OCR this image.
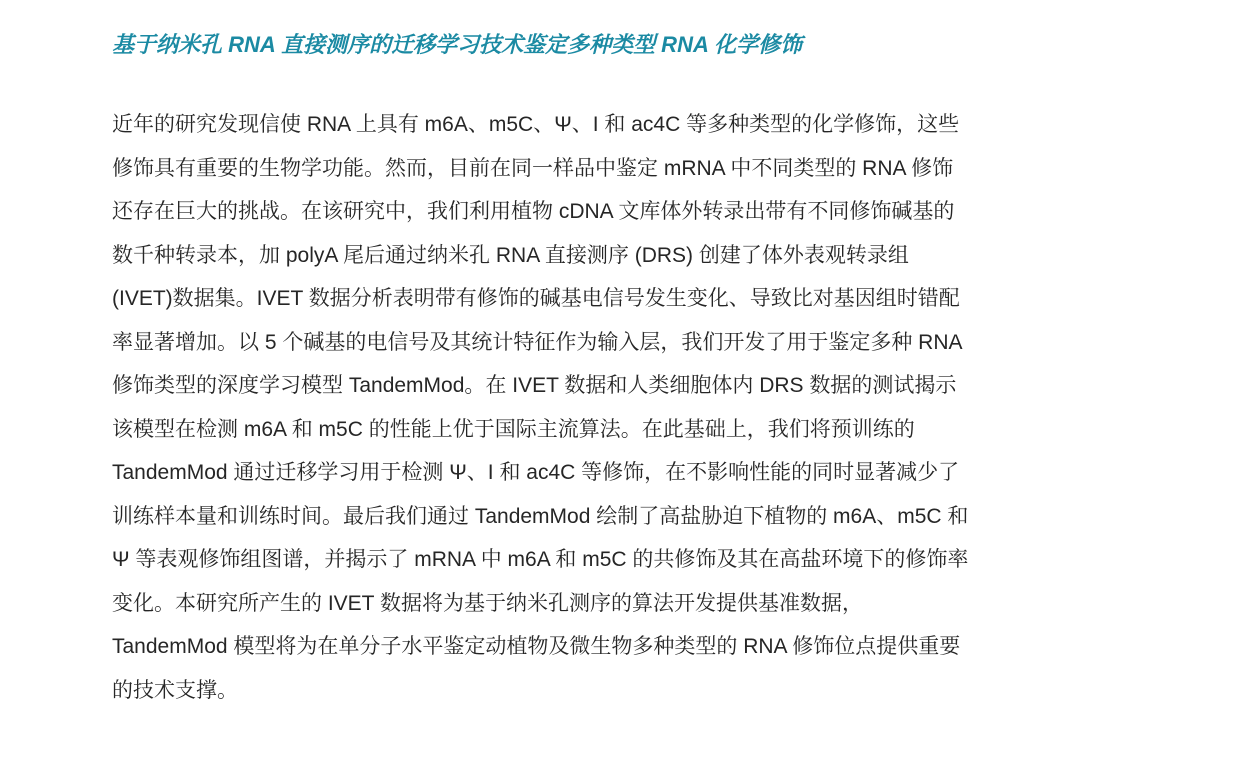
基于纳米孔 RNA 直接测序的迁移学习技术鉴定多种类型 RNA 化学修饰
近年的研究发现信使 RNA 上具有 m6A、m5C、Ψ、I 和 ac4C 等多种类型的化学修饰，这些
修饰具有重要的生物学功能。然而，目前在同一样品中鉴定 mRNA 中不同类型的 RNA 修饰
还存在巨大的挑战。在该研究中，我们利用植物 cDNA 文库体外转录出带有不同修饰碱基的
数千种转录本，加 polyA 尾后通过纳米孔 RNA 直接测序 (DRS) 创建了体外表观转录组
(IVET)数据集。IVET 数据分析表明带有修饰的碱基电信号发生变化、导致比对基因组时错配
率显著增加。以 5 个碱基的电信号及其统计特征作为输入层，我们开发了用于鉴定多种 RNA
修饰类型的深度学习模型 TandemMod。在 IVET 数据和人类细胞体内 DRS 数据的测试揭示
该模型在检测 m6A 和 m5C 的性能上优于国际主流算法。在此基础上，我们将预训练的
TandemMod 通过迁移学习用于检测 Ψ、I 和 ac4C 等修饰，在不影响性能的同时显著减少了
训练样本量和训练时间。最后我们通过 TandemMod 绘制了高盐胁迫下植物的 m6A、m5C 和
Ψ 等表观修饰组图谱，并揭示了 mRNA 中 m6A 和 m5C 的共修饰及其在高盐环境下的修饰率
变化。本研究所产生的 IVET 数据将为基于纳米孔测序的算法开发提供基准数据，
TandemMod 模型将为在单分子水平鉴定动植物及微生物多种类型的 RNA 修饰位点提供重要
的技术支撑。
